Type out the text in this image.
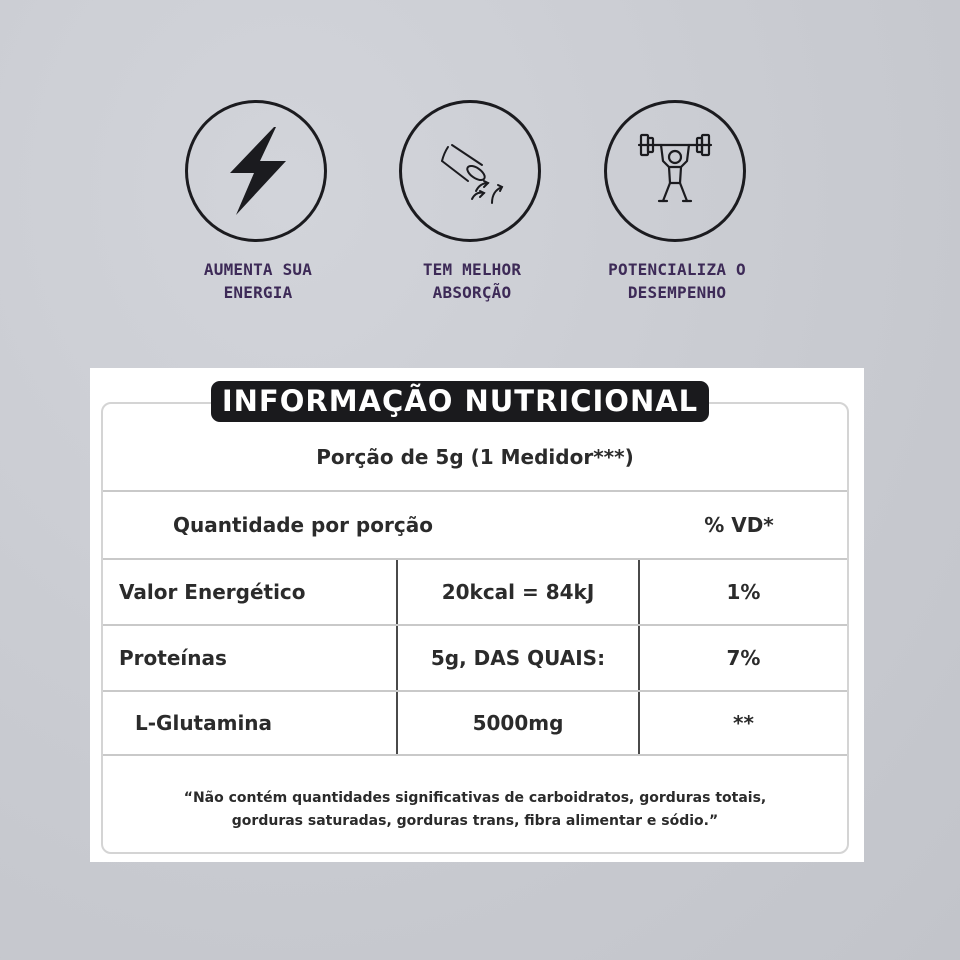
AUMENTA SUA
ENERGIA
TEM MELHOR
ABSORÇÃO
POTENCIALIZA O
DESEMPENHO
INFORMAÇÃO NUTRICIONAL
Porção de 5g (1 Medidor***)
Quantidade por porção	% VD*
Valor Energético	20kcal = 84kJ	1%
Proteínas	5g, DAS QUAIS:	7%
L-Glutamina	5000mg	**
“Não contém quantidades significativas de carboidratos, gorduras totais,
gorduras saturadas, gorduras trans, fibra alimentar e sódio.”
